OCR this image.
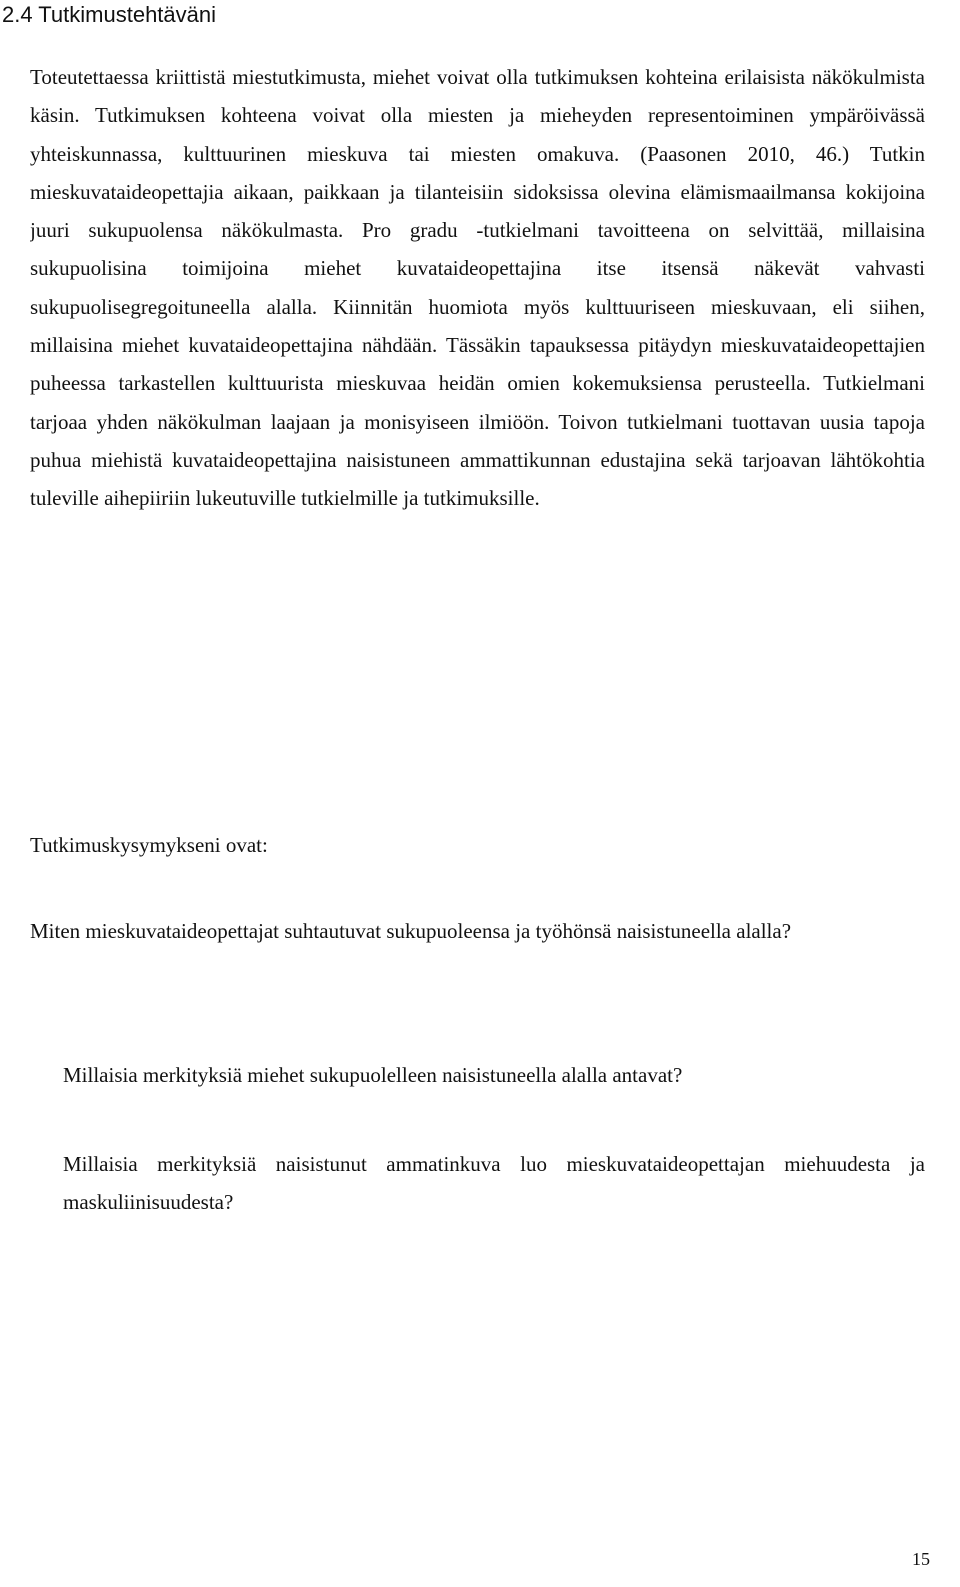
2.4 Tutkimustehtäväni

Toteutettaessa kriittistä miestutkimusta, miehet voivat olla tutkimuksen kohteina erilaisista näkökulmista käsin. Tutkimuksen kohteena voivat olla miesten ja mieheyden representoiminen ympäröivässä yhteiskunnassa, kulttuurinen mieskuva tai miesten omakuva. (Paasonen 2010, 46.) Tutkin mieskuvataideopettajia aikaan, paikkaan ja tilanteisiin sidoksissa olevina elämismaailmansa kokijoina juuri sukupuolensa näkökulmasta. Pro gradu -tutkielmani tavoitteena on selvittää, millaisina sukupuolisina toimijoina miehet kuvataideopettajina itse itsensä näkevät vahvasti sukupuolisegregoituneella alalla. Kiinnitän huomiota myös kulttuuriseen mieskuvaan, eli siihen, millaisina miehet kuvataideopettajina nähdään. Tässäkin tapauksessa pitäydyn mieskuvataideopettajien puheessa tarkastellen kulttuurista mieskuvaa heidän omien kokemuksiensa perusteella. Tutkielmani tarjoaa yhden näkökulman laajaan ja monisyiseen ilmiöön. Toivon tutkielmani tuottavan uusia tapoja puhua miehistä kuvataideopettajina naisistuneen ammattikunnan edustajina sekä tarjoavan lähtökohtia tuleville aihepiiriin lukeutuville tutkielmille ja tutkimuksille.

Tutkimuskysymykseni ovat:

Miten mieskuvataideopettajat suhtautuvat sukupuoleensa ja työhönsä naisistuneella alalla?

Millaisia merkityksiä miehet sukupuolelleen naisistuneella alalla antavat?

Millaisia merkityksiä naisistunut ammatinkuva luo mieskuvataideopettajan miehuudesta ja maskuliinisuudesta?

15
